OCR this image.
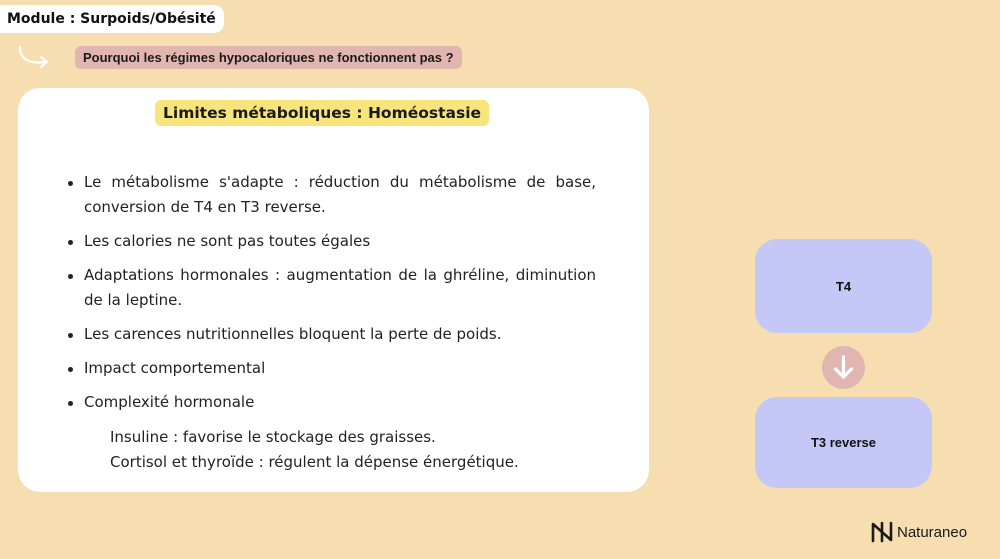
Module : Surpoids/Obésité
Pourquoi les régimes hypocaloriques ne fonctionnent pas ?
Limites métaboliques : Homéostasie
Le métabolisme s'adapte : réduction du métabolisme de base, conversion de T4 en T3 reverse.
Les calories ne sont pas toutes égales
Adaptations hormonales : augmentation de la ghréline, diminution de la leptine.
Les carences nutritionnelles bloquent la perte de poids.
Impact comportemental
Complexité hormonale
Insuline : favorise le stockage des graisses.
Cortisol et thyroïde : régulent la dépense énergétique.
T4
T3 reverse
Naturaneo
